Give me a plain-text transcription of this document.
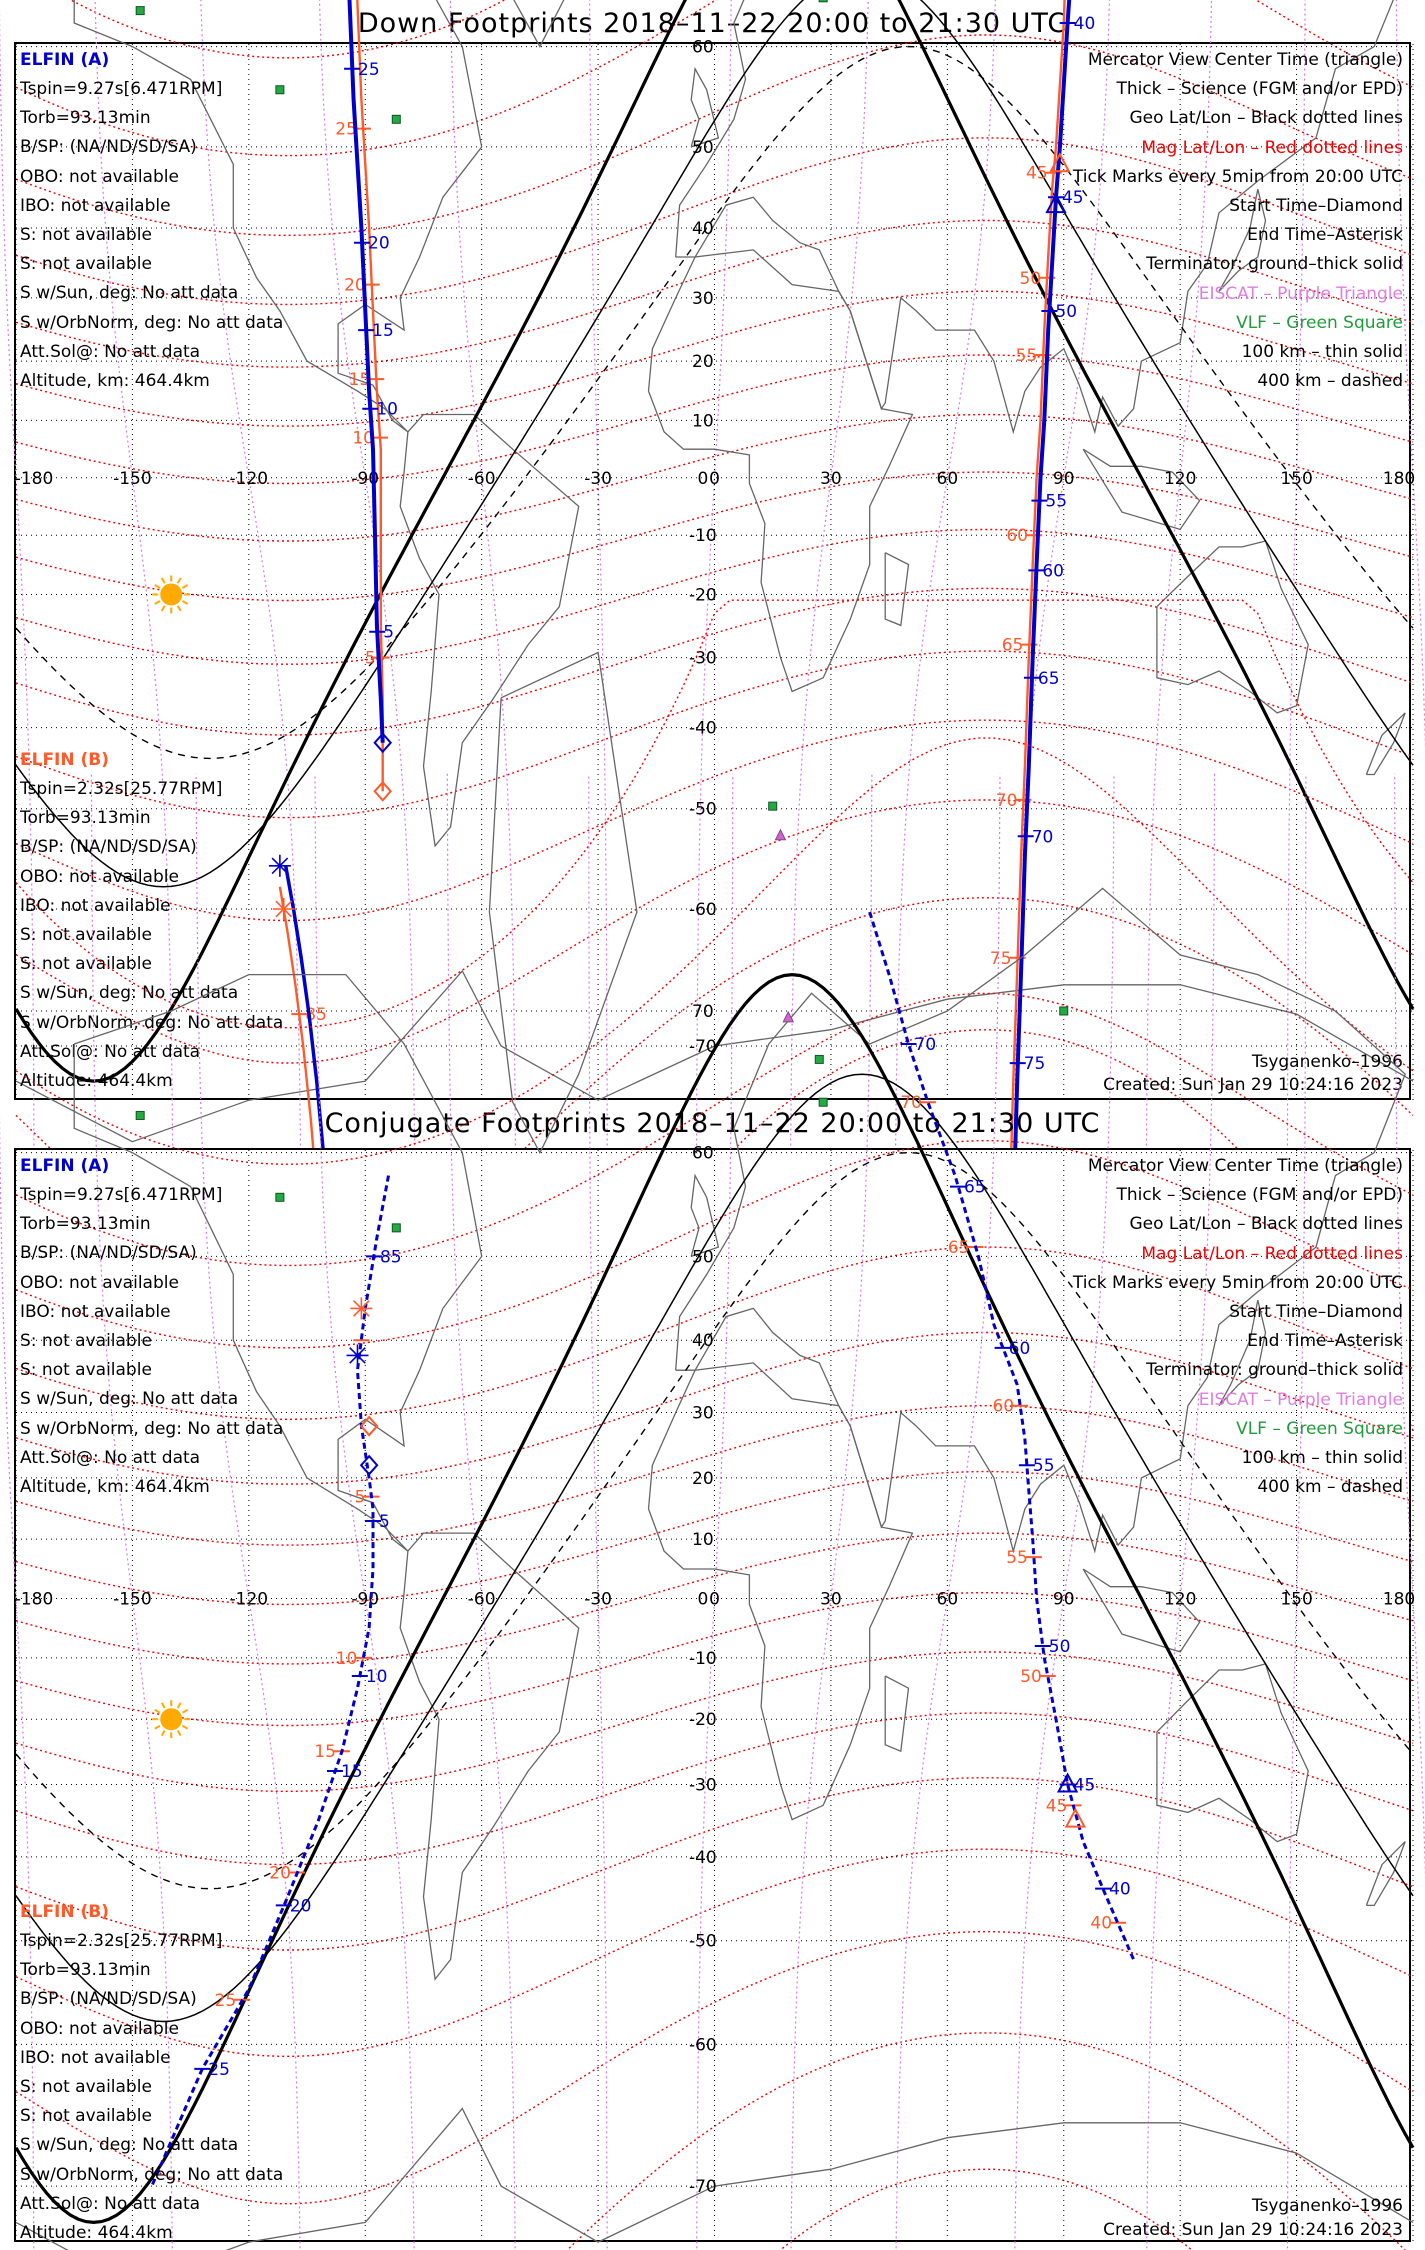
Down Footprints 2018–11–22 20:00 to 21:30 UTC
-180	-150	-120	-90	-60	-30	0	30	60	90	120	150	180
60
50
40
30
20
10
0
-10
-20
-30
-40
-50
-60
-70
25
20
15
10
5
25
20
15
10
5
45
50
55
60
65
70
75
40
45
50
55
60
65
70
75
85
ELFIN (A)
Tspin=9.27s[6.471RPM]
Torb=93.13min
B/SP: (NA/ND/SD/SA)
OBO: not available
IBO: not available
S: not available
S: not available
S w/Sun, deg: No att data
S w/OrbNorm, deg: No att data
Att.Sol@: No att data
Altitude, km: 464.4km
ELFIN (B)
Tspin=2.32s[25.77RPM]
Torb=93.13min
B/SP: (NA/ND/SD/SA)
OBO: not available
IBO: not available
S: not available
S: not available
S w/Sun, deg: No att data
S w/OrbNorm, deg: No att data
Att.Sol@: No att data
Altitude: 464.4km
Mercator View Center Time (triangle)
Thick – Science (FGM and/or EPD)
Geo Lat/Lon – Black dotted lines
Mag Lat/Lon – Red dotted lines
Tick Marks every 5min from 20:00 UTC
Start Time–Diamond
End Time–Asterisk
Terminator: ground–thick solid
EISCAT – Purple Triangle
VLF – Green Square
100 km – thin solid
400 km – dashed
Tsyganenko–1996
Created: Sun Jan 29 10:24:16 2023
Conjugate Footprints 2018–11–22 20:00 to 21:30 UTC
-180	-150	-120	-90	-60	-30	0	30	60	90	120	150	180
70
60
50
40
30
20
10
0
-10
-20
-30
-40
-50
-60
-70
5
10
15
20
25
85
5
10
15
20
25
70
65
60
55
50
45
40
70
65
60
55
50
45
40
ELFIN (A)
Tspin=9.27s[6.471RPM]
Torb=93.13min
B/SP: (NA/ND/SD/SA)
OBO: not available
IBO: not available
S: not available
S: not available
S w/Sun, deg: No att data
S w/OrbNorm, deg: No att data
Att.Sol@: No att data
Altitude, km: 464.4km
ELFIN (B)
Tspin=2.32s[25.77RPM]
Torb=93.13min
B/SP: (NA/ND/SD/SA)
OBO: not available
IBO: not available
S: not available
S: not available
S w/Sun, deg: No att data
S w/OrbNorm, deg: No att data
Att.Sol@: No att data
Altitude: 464.4km
Mercator View Center Time (triangle)
Thick – Science (FGM and/or EPD)
Geo Lat/Lon – Black dotted lines
Mag Lat/Lon – Red dotted lines
Tick Marks every 5min from 20:00 UTC
Start Time–Diamond
End Time–Asterisk
Terminator: ground–thick solid
EISCAT – Purple Triangle
VLF – Green Square
100 km – thin solid
400 km – dashed
Tsyganenko–1996
Created: Sun Jan 29 10:24:16 2023
